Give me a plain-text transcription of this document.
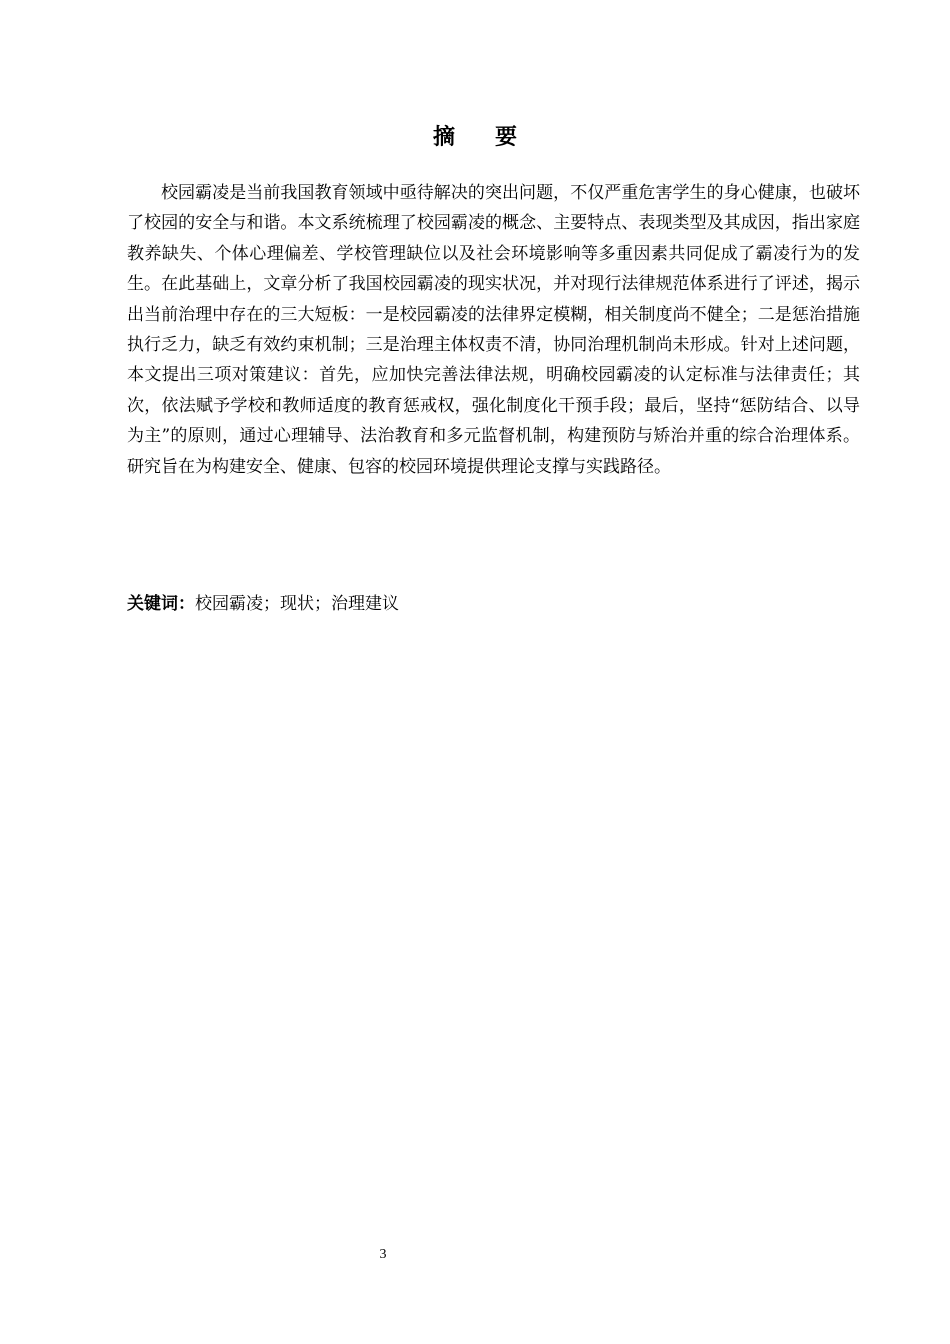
摘 要

校园霸凌是当前我国教育领域中亟待解决的突出问题，不仅严重危害学生的身心健康，也破坏了校园的安全与和谐。本文系统梳理了校园霸凌的概念、主要特点、表现类型及其成因，指出家庭教养缺失、个体心理偏差、学校管理缺位以及社会环境影响等多重因素共同促成了霸凌行为的发生。在此基础上，文章分析了我国校园霸凌的现实状况，并对现行法律规范体系进行了评述，揭示出当前治理中存在的三大短板：一是校园霸凌的法律界定模糊，相关制度尚不健全；二是惩治措施执行乏力，缺乏有效约束机制；三是治理主体权责不清，协同治理机制尚未形成。针对上述问题，本文提出三项对策建议：首先，应加快完善法律法规，明确校园霸凌的认定标准与法律责任；其次，依法赋予学校和教师适度的教育惩戒权，强化制度化干预手段；最后，坚持“惩防结合、以导为主”的原则，通过心理辅导、法治教育和多元监督机制，构建预防与矫治并重的综合治理体系。研究旨在为构建安全、健康、包容的校园环境提供理论支撑与实践路径。

关键词：校园霸凌；现状；治理建议

3
